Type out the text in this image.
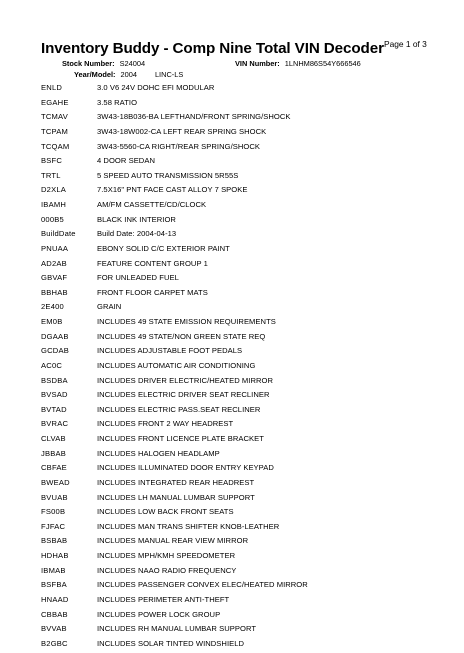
Page 1 of 3
Inventory Buddy - Comp Nine Total VIN Decoder
Stock Number: S24004	VIN Number: 1LNHM86S54Y666546
Year/Model: 2004 LINC-LS
ENLD	3.0 V6 24V DOHC EFI MODULAR
EGAHE	3.58 RATIO
TCMAV	3W43-18B036-BA LEFTHAND/FRONT SPRING/SHOCK
TCPAM	3W43-18W002-CA LEFT REAR SPRING SHOCK
TCQAM	3W43-5560-CA RIGHT/REAR SPRING/SHOCK
BSFC	4 DOOR SEDAN
TRTL	5 SPEED AUTO TRANSMISSION 5R55S
D2XLA	7.5X16" PNT FACE CAST ALLOY 7 SPOKE
IBAMH	AM/FM CASSETTE/CD/CLOCK
000B5	BLACK INK INTERIOR
BuildDate	Build Date: 2004-04-13
PNUAA	EBONY SOLID C/C EXTERIOR PAINT
AD2AB	FEATURE CONTENT GROUP 1
GBVAF	FOR UNLEADED FUEL
BBHAB	FRONT FLOOR CARPET MATS
2E400	GRAIN
EM0B	INCLUDES 49 STATE EMISSION REQUIREMENTS
DGAAB	INCLUDES 49 STATE/NON GREEN STATE REQ
GCDAB	INCLUDES ADJUSTABLE FOOT PEDALS
AC0C	INCLUDES AUTOMATIC AIR CONDITIONING
BSDBA	INCLUDES DRIVER ELECTRIC/HEATED MIRROR
BVSAD	INCLUDES ELECTRIC DRIVER SEAT RECLINER
BVTAD	INCLUDES ELECTRIC PASS.SEAT RECLINER
BVRAC	INCLUDES FRONT 2 WAY HEADREST
CLVAB	INCLUDES FRONT LICENCE PLATE BRACKET
JBBAB	INCLUDES HALOGEN HEADLAMP
CBFAE	INCLUDES ILLUMINATED DOOR ENTRY KEYPAD
BWEAD	INCLUDES INTEGRATED REAR HEADREST
BVUAB	INCLUDES LH MANUAL LUMBAR SUPPORT
FS00B	INCLUDES LOW BACK FRONT SEATS
FJFAC	INCLUDES MAN TRANS SHIFTER KNOB-LEATHER
BSBAB	INCLUDES MANUAL REAR VIEW MIRROR
HDHAB	INCLUDES MPH/KMH SPEEDOMETER
IBMAB	INCLUDES NAAO RADIO FREQUENCY
BSFBA	INCLUDES PASSENGER CONVEX ELEC/HEATED MIRROR
HNAAD	INCLUDES PERIMETER ANTI-THEFT
CBBAB	INCLUDES POWER LOCK GROUP
BVVAB	INCLUDES RH MANUAL LUMBAR SUPPORT
B2GBC	INCLUDES SOLAR TINTED WINDSHIELD
